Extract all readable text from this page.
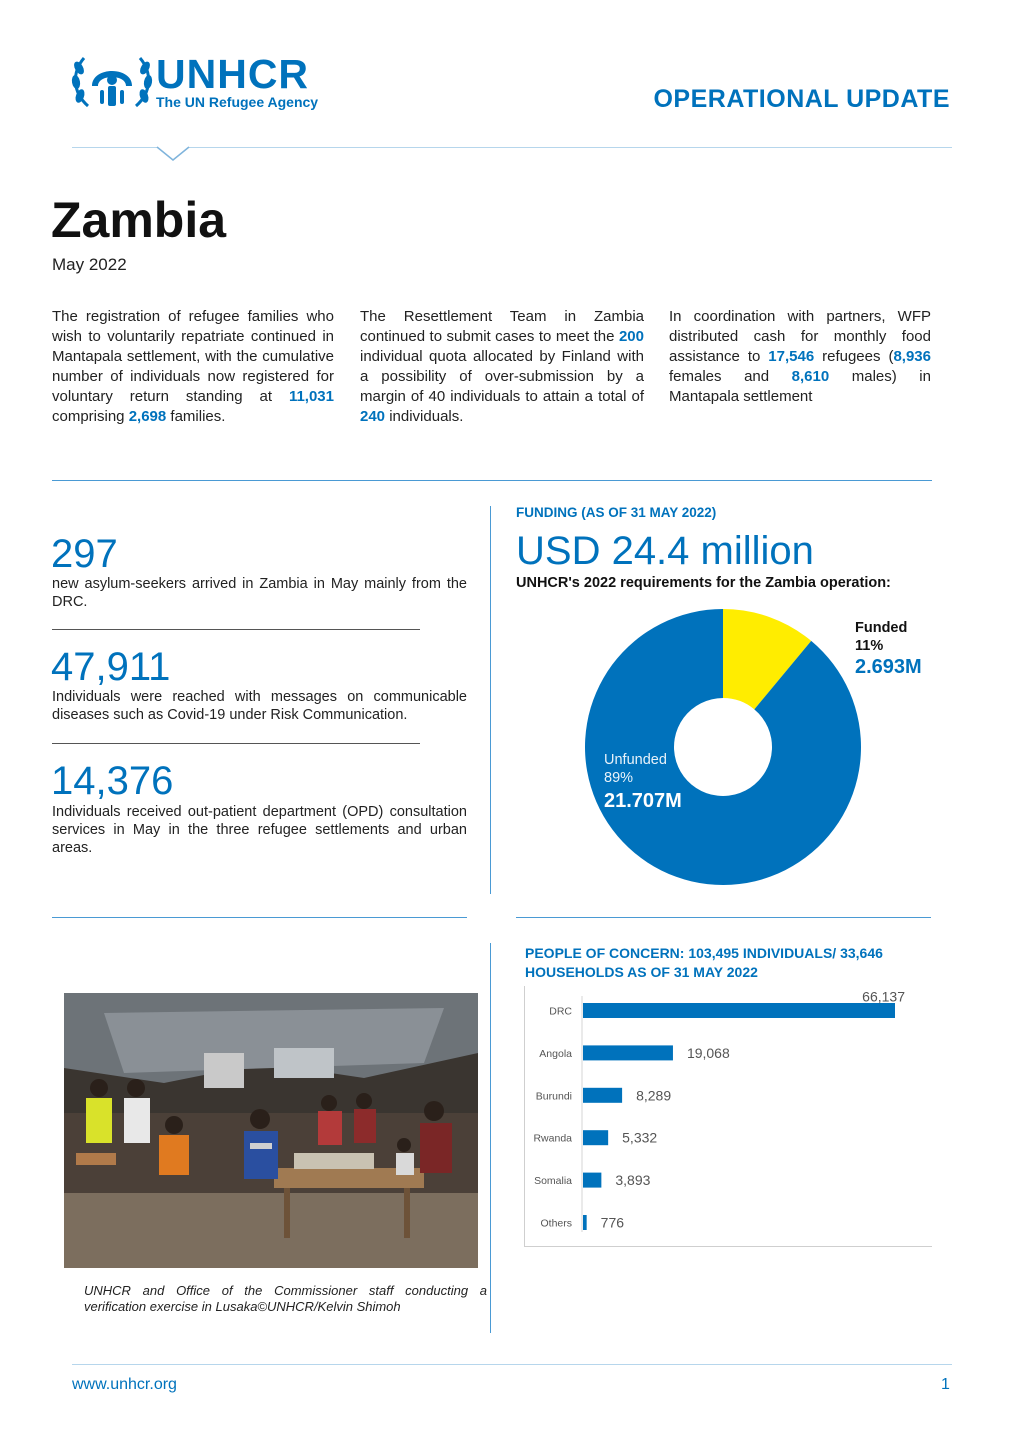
UNHCR
The UN Refugee Agency	OPERATIONAL UPDATE
Zambia
May 2022
The registration of refugee families who wish to voluntarily repatriate continued in Mantapala settlement, with the cumulative number of individuals now registered for voluntary return standing at 11,031 comprising 2,698 families.
The Resettlement Team in Zambia continued to submit cases to meet the 200 individual quota allocated by Finland with a possibility of over-submission by a margin of 40 individuals to attain a total of 240 individuals.
In coordination with partners, WFP distributed cash for monthly food assistance to 17,546 refugees (8,936 females and 8,610 males) in Mantapala settlement
297
new asylum-seekers arrived in Zambia in May mainly from the DRC.
47,911
Individuals were reached with messages on communicable diseases such as Covid-19 under Risk Communication.
14,376
Individuals received out-patient department (OPD) consultation services in May in the three refugee settlements and urban areas.
FUNDING (AS OF 31 MAY 2022)
USD 24.4 million
UNHCR's 2022 requirements for the Zambia operation:
Funded
11%
2.693M
Unfunded
89%
21.707M
UNHCR and Office of the Commissioner staff conducting a verification exercise in Lusaka©UNHCR/Kelvin Shimoh
PEOPLE OF CONCERN: 103,495 INDIVIDUALS/ 33,646 HOUSEHOLDS AS OF 31 MAY 2022
DRC
66,137
Angola	19,068
Burundi	8,289
Rwanda	5,332
Somalia	3,893
Others 776
www.unhcr.org	1
